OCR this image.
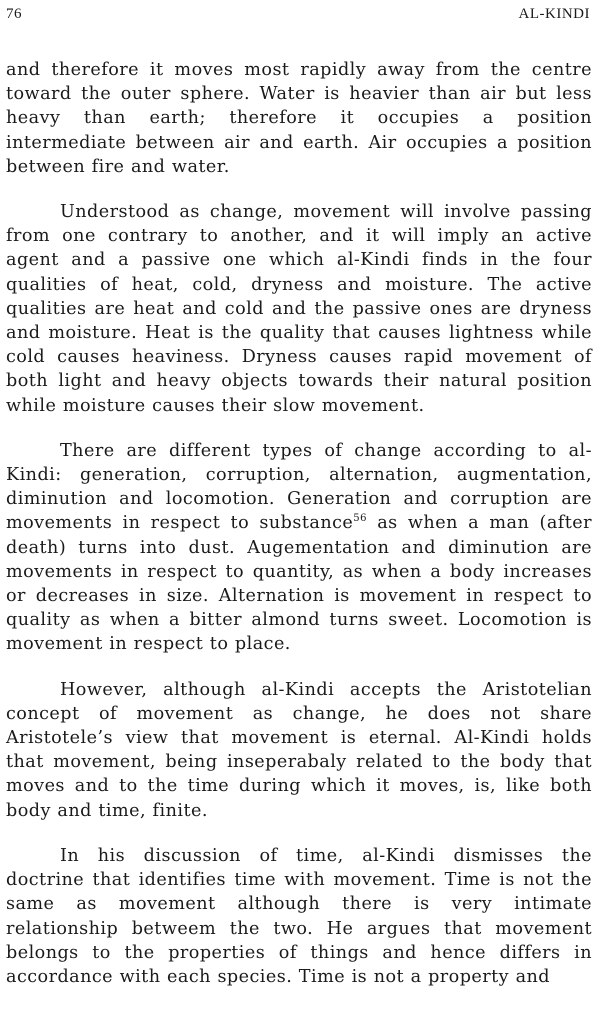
76	AL-KINDI

and therefore it moves most rapidly away from the centre toward the outer sphere. Water is heavier than air but less heavy than earth; therefore it occupies a position intermediate between air and earth. Air occupies a position between fire and water.

Understood as change, movement will involve passing from one contrary to another, and it will imply an active agent and a passive one which al-Kindi finds in the four qualities of heat, cold, dryness and moisture. The active qualities are heat and cold and the passive ones are dryness and moisture. Heat is the quality that causes lightness while cold causes heaviness. Dryness causes rapid movement of both light and heavy objects towards their natural position while moisture causes their slow movement.

There are different types of change according to al-Kindi: generation, corruption, alternation, augmentation, diminution and locomotion. Generation and corruption are movements in respect to substance$^{56}$ as when a man (after death) turns into dust. Augementation and diminution are movements in respect to quantity, as when a body increases or decreases in size. Alternation is movement in respect to quality as when a bitter almond turns sweet. Locomotion is movement in respect to place.

However, although al-Kindi accepts the Aristotelian concept of movement as change, he does not share Aristotele’s view that movement is eternal. Al-Kindi holds that movement, being inseperabaly related to the body that moves and to the time during which it moves, is, like both body and time, finite.

In his discussion of time, al-Kindi dismisses the doctrine that identifies time with movement. Time is not the same as movement although there is very intimate relationship betweem the two. He argues that movement belongs to the properties of things and hence differs in accordance with each species. Time is not a property and
